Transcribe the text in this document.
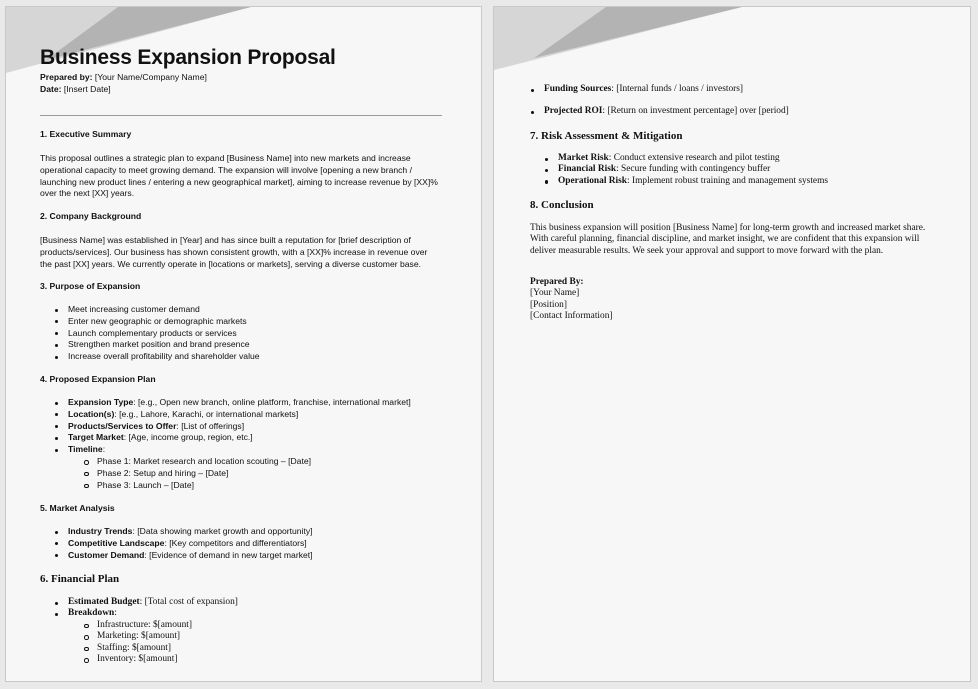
Business Expansion Proposal
Prepared by: [Your Name/Company Name]
Date: [Insert Date]
1. Executive Summary

This proposal outlines a strategic plan to expand [Business Name] into new markets and increase operational capacity to meet growing demand. The expansion will involve [opening a new branch / launching new product lines / entering a new geographical market], aiming to increase revenue by [XX]% over the next [XX] years.

2. Company Background

[Business Name] was established in [Year] and has since built a reputation for [brief description of products/services]. Our business has shown consistent growth, with a [XX]% increase in revenue over the past [XX] years. We currently operate in [locations or markets], serving a diverse customer base.

3. Purpose of Expansion
Meet increasing customer demand
Enter new geographic or demographic markets
Launch complementary products or services
Strengthen market position and brand presence
Increase overall profitability and shareholder value
4. Proposed Expansion Plan
Expansion Type: [e.g., Open new branch, online platform, franchise, international market]
Location(s): [e.g., Lahore, Karachi, or international markets]
Products/Services to Offer: [List of offerings]
Target Market: [Age, income group, region, etc.]
Timeline:
Phase 1: Market research and location scouting – [Date]
Phase 2: Setup and hiring – [Date]
Phase 3: Launch – [Date]
5. Market Analysis
Industry Trends: [Data showing market growth and opportunity]
Competitive Landscape: [Key competitors and differentiators]
Customer Demand: [Evidence of demand in new target market]
6. Financial Plan
Estimated Budget: [Total cost of expansion]
Breakdown:
Infrastructure: $[amount]
Marketing: $[amount]
Staffing: $[amount]
Inventory: $[amount]
Funding Sources: [Internal funds / loans / investors]
Projected ROI: [Return on investment percentage] over [period]
7. Risk Assessment & Mitigation
Market Risk: Conduct extensive research and pilot testing
Financial Risk: Secure funding with contingency buffer
Operational Risk: Implement robust training and management systems
8. Conclusion

This business expansion will position [Business Name] for long-term growth and increased market share. With careful planning, financial discipline, and market insight, we are confident that this expansion will deliver measurable results. We seek your approval and support to move forward with the plan.

Prepared By:
[Your Name]
[Position]
[Contact Information]
